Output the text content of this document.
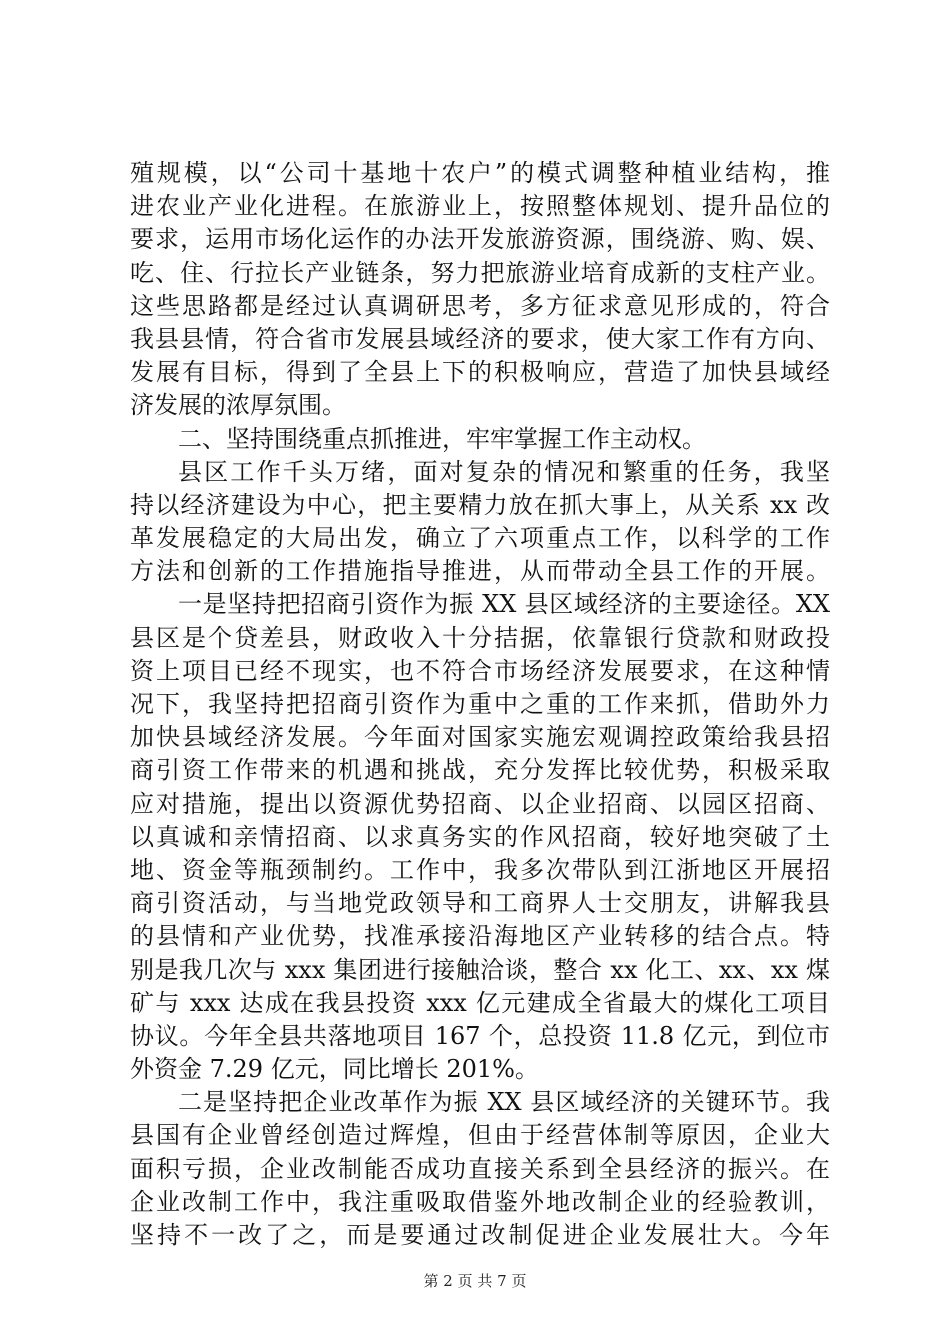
殖规模，以“公司十基地十农户”的模式调整种植业结构，推
进农业产业化进程。在旅游业上，按照整体规划、提升品位的
要求，运用市场化运作的办法开发旅游资源，围绕游、购、娱、
吃、住、行拉长产业链条，努力把旅游业培育成新的支柱产业。
这些思路都是经过认真调研思考，多方征求意见形成的，符合
我县县情，符合省市发展县域经济的要求，使大家工作有方向、
发展有目标，得到了全县上下的积极响应，营造了加快县域经
济发展的浓厚氛围。
二、坚持围绕重点抓推进，牢牢掌握工作主动权。
县区工作千头万绪，面对复杂的情况和繁重的任务，我坚
持以经济建设为中心，把主要精力放在抓大事上，从关系 xx 改
革发展稳定的大局出发，确立了六项重点工作，以科学的工作
方法和创新的工作措施指导推进，从而带动全县工作的开展。
一是坚持把招商引资作为振 XX 县区域经济的主要途径。XX
县区是个贷差县，财政收入十分拮据，依靠银行贷款和财政投
资上项目已经不现实，也不符合市场经济发展要求，在这种情
况下，我坚持把招商引资作为重中之重的工作来抓，借助外力
加快县域经济发展。今年面对国家实施宏观调控政策给我县招
商引资工作带来的机遇和挑战，充分发挥比较优势，积极采取
应对措施，提出以资源优势招商、以企业招商、以园区招商、
以真诚和亲情招商、以求真务实的作风招商，较好地突破了土
地、资金等瓶颈制约。工作中，我多次带队到江浙地区开展招
商引资活动，与当地党政领导和工商界人士交朋友，讲解我县
的县情和产业优势，找准承接沿海地区产业转移的结合点。特
别是我几次与 xxx 集团进行接触洽谈，整合 xx 化工、xx、xx 煤
矿与 xxx 达成在我县投资 xxx 亿元建成全省最大的煤化工项目
协议。今年全县共落地项目 167 个，总投资 11.8 亿元，到位市
外资金 7.29 亿元，同比增长 201%。
二是坚持把企业改革作为振 XX 县区域经济的关键环节。我
县国有企业曾经创造过辉煌，但由于经营体制等原因，企业大
面积亏损，企业改制能否成功直接关系到全县经济的振兴。在
企业改制工作中，我注重吸取借鉴外地改制企业的经验教训，
坚持不一改了之，而是要通过改制促进企业发展壮大。今年
第 2 页 共 7 页
